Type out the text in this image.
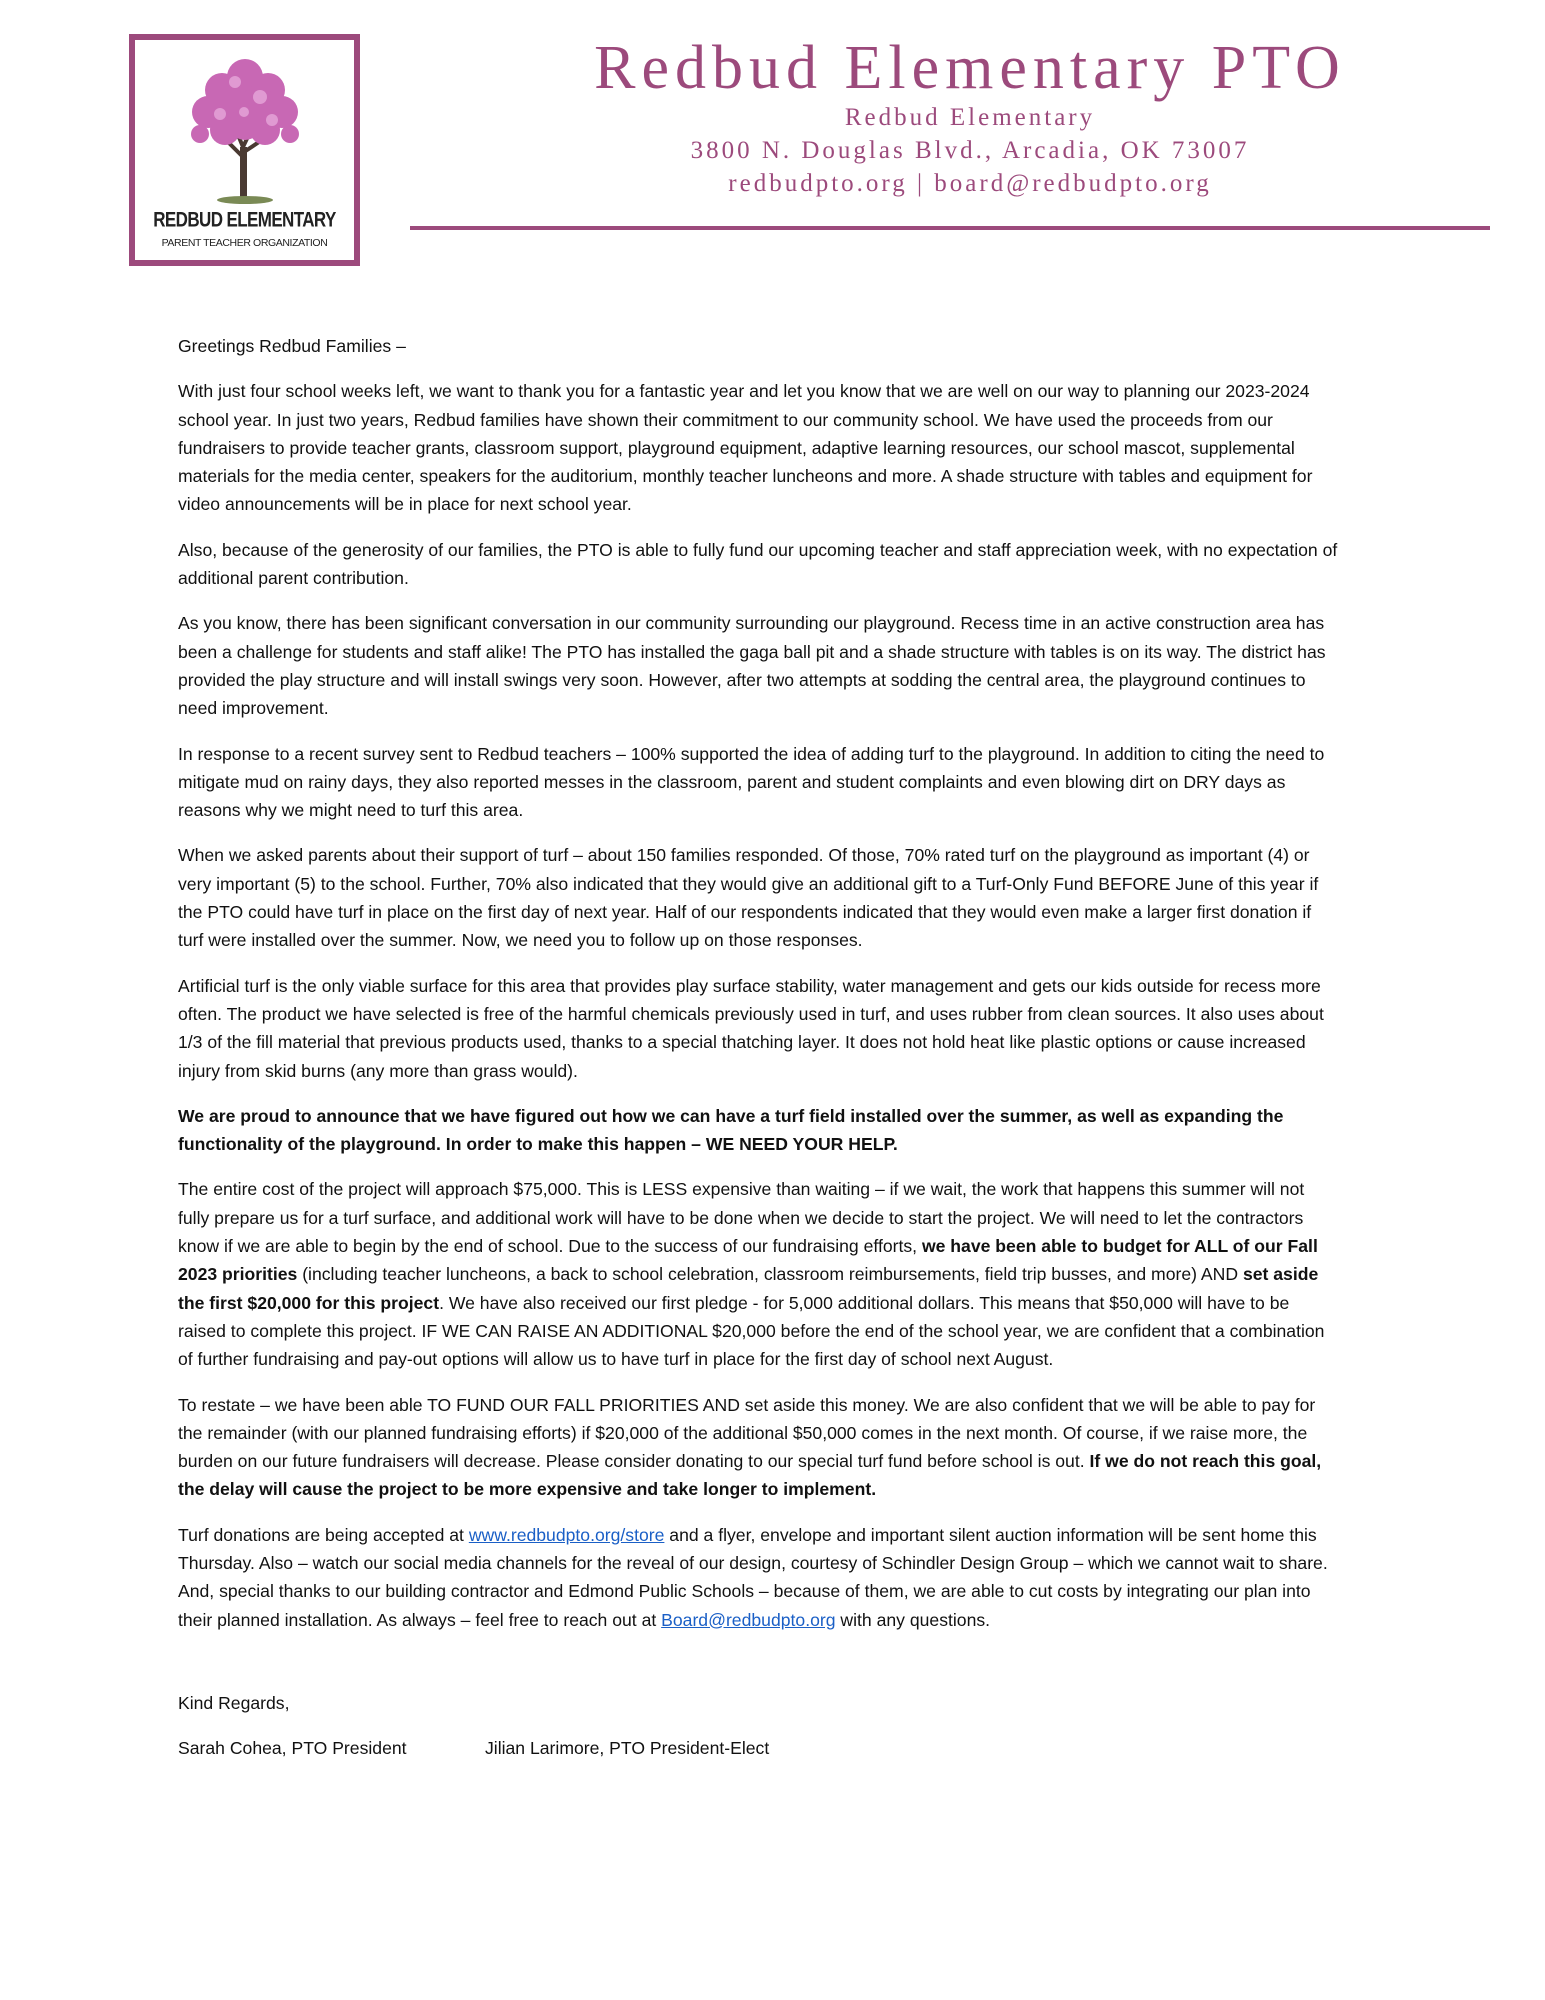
REDBUD ELEMENTARY
PARENT TEACHER ORGANIZATION
Redbud Elementary PTO
Redbud Elementary
3800 N. Douglas Blvd., Arcadia, OK 73007
redbudpto.org | board@redbudpto.org

Greetings Redbud Families –

With just four school weeks left, we want to thank you for a fantastic year and let you know that we are well on our way to planning our 2023-2024 school year. In just two years, Redbud families have shown their commitment to our community school. We have used the proceeds from our fundraisers to provide teacher grants, classroom support, playground equipment, adaptive learning resources, our school mascot, supplemental materials for the media center, speakers for the auditorium, monthly teacher luncheons and more. A shade structure with tables and equipment for video announcements will be in place for next school year.

Also, because of the generosity of our families, the PTO is able to fully fund our upcoming teacher and staff appreciation week, with no expectation of additional parent contribution.

As you know, there has been significant conversation in our community surrounding our playground. Recess time in an active construction area has been a challenge for students and staff alike! The PTO has installed the gaga ball pit and a shade structure with tables is on its way. The district has provided the play structure and will install swings very soon. However, after two attempts at sodding the central area, the playground continues to need improvement.

In response to a recent survey sent to Redbud teachers – 100% supported the idea of adding turf to the playground. In addition to citing the need to mitigate mud on rainy days, they also reported messes in the classroom, parent and student complaints and even blowing dirt on DRY days as reasons why we might need to turf this area.

When we asked parents about their support of turf – about 150 families responded. Of those, 70% rated turf on the playground as important (4) or very important (5) to the school. Further, 70% also indicated that they would give an additional gift to a Turf-Only Fund BEFORE June of this year if the PTO could have turf in place on the first day of next year. Half of our respondents indicated that they would even make a larger first donation if turf were installed over the summer. Now, we need you to follow up on those responses.

Artificial turf is the only viable surface for this area that provides play surface stability, water management and gets our kids outside for recess more often. The product we have selected is free of the harmful chemicals previously used in turf, and uses rubber from clean sources. It also uses about 1/3 of the fill material that previous products used, thanks to a special thatching layer. It does not hold heat like plastic options or cause increased injury from skid burns (any more than grass would).

We are proud to announce that we have figured out how we can have a turf field installed over the summer, as well as expanding the functionality of the playground. In order to make this happen – WE NEED YOUR HELP.

The entire cost of the project will approach $75,000. This is LESS expensive than waiting – if we wait, the work that happens this summer will not fully prepare us for a turf surface, and additional work will have to be done when we decide to start the project. We will need to let the contractors know if we are able to begin by the end of school. Due to the success of our fundraising efforts, we have been able to budget for ALL of our Fall 2023 priorities (including teacher luncheons, a back to school celebration, classroom reimbursements, field trip busses, and more) AND set aside the first $20,000 for this project. We have also received our first pledge - for 5,000 additional dollars. This means that $50,000 will have to be raised to complete this project. IF WE CAN RAISE AN ADDITIONAL $20,000 before the end of the school year, we are confident that a combination of further fundraising and pay-out options will allow us to have turf in place for the first day of school next August.

To restate – we have been able TO FUND OUR FALL PRIORITIES AND set aside this money. We are also confident that we will be able to pay for the remainder (with our planned fundraising efforts) if $20,000 of the additional $50,000 comes in the next month. Of course, if we raise more, the burden on our future fundraisers will decrease. Please consider donating to our special turf fund before school is out. If we do not reach this goal, the delay will cause the project to be more expensive and take longer to implement.

Turf donations are being accepted at www.redbudpto.org/store and a flyer, envelope and important silent auction information will be sent home this Thursday. Also – watch our social media channels for the reveal of our design, courtesy of Schindler Design Group – which we cannot wait to share. And, special thanks to our building contractor and Edmond Public Schools – because of them, we are able to cut costs by integrating our plan into their planned installation. As always – feel free to reach out at Board@redbudpto.org with any questions.

Kind Regards,

Sarah Cohea, PTO President	Jilian Larimore, PTO President-Elect
